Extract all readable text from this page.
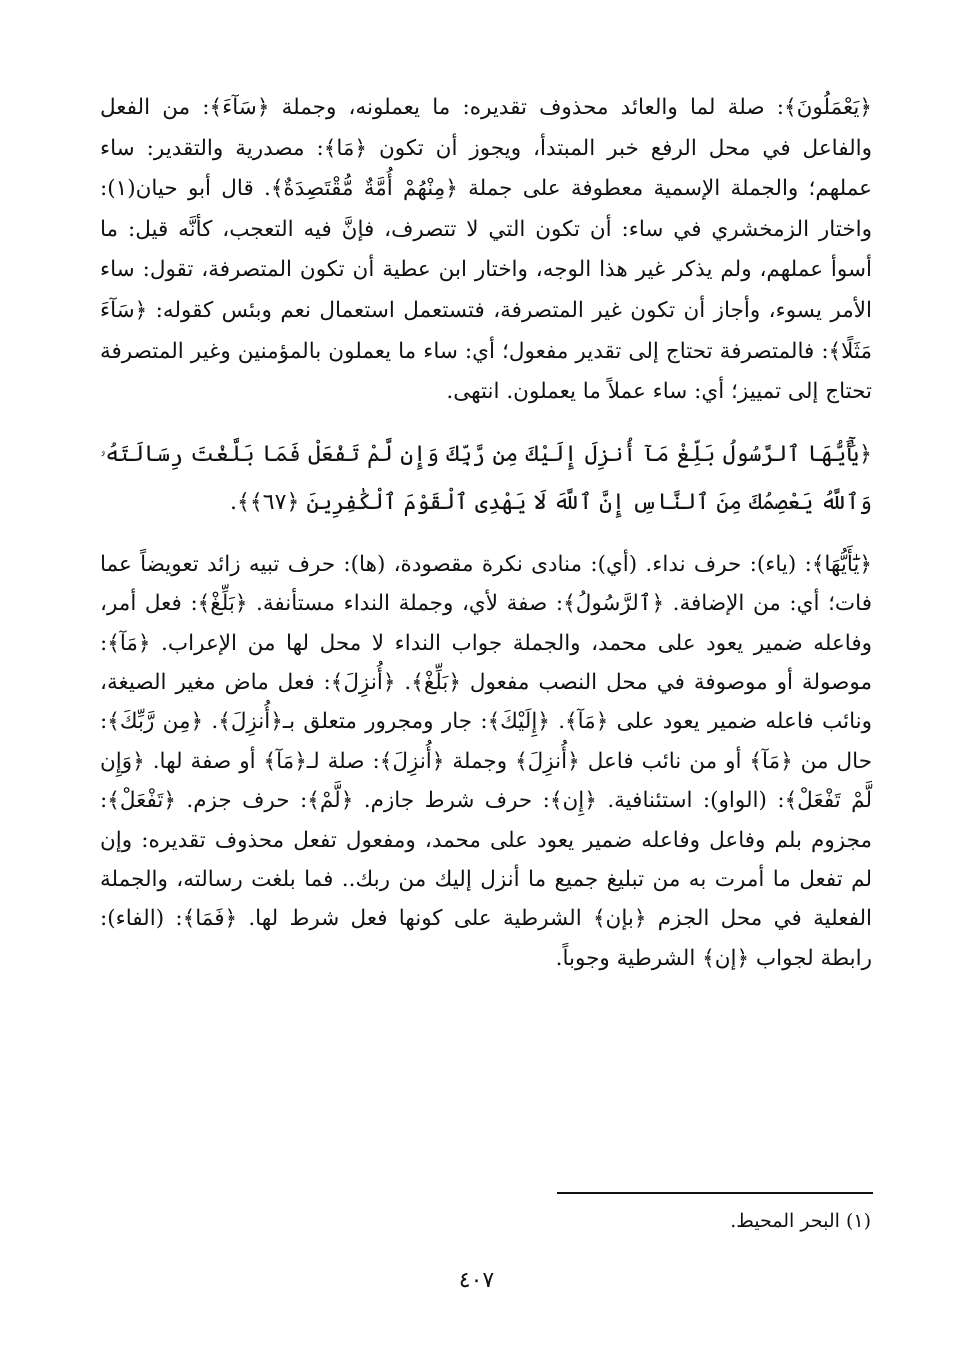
﴿يَعْمَلُونَ﴾: صلة لما والعائد محذوف تقديره: ما يعملونه، وجملة ﴿سَآءَ﴾: من الفعل والفاعل في محل الرفع خبر المبتدأ، ويجوز أن تكون ﴿مَا﴾: مصدرية والتقدير: ساء عملهم؛ والجملة الإسمية معطوفة على جملة ﴿مِنْهُمْ أُمَّةٌ مُّقْتَصِدَةٌ﴾. قال أبو حيان(١): واختار الزمخشري في ساء: أن تكون التي لا تتصرف، فإنَّ فيه التعجب، كأنَّه قيل: ما أسوأ عملهم، ولم يذكر غير هذا الوجه، واختار ابن عطية أن تكون المتصرفة، تقول: ساء الأمر يسوء، وأجاز أن تكون غير المتصرفة، فتستعمل استعمال نعم وبئس كقوله: ﴿سَآءَ مَثَلًا﴾: فالمتصرفة تحتاج إلى تقدير مفعول؛ أي: ساء ما يعملون بالمؤمنين وغير المتصرفة تحتاج إلى تمييز؛ أي: ساء عملاً ما يعملون. انتهى.

﴿يَٰٓأَيُّهَا ٱلرَّسُولُ بَلِّغْ مَآ أُنزِلَ إِلَيْكَ مِن رَّبِّكَ وَإِن لَّمْ تَفْعَلْ فَمَا بَلَّغْتَ رِسَالَتَهُۥ وَٱللَّهُ يَعْصِمُكَ مِنَ ٱلنَّاسِ إِنَّ ٱللَّهَ لَا يَهْدِى ٱلْقَوْمَ ٱلْكَٰفِرِينَ ﴿٦٧﴾﴾.

﴿يَٰٓأَيُّهَا﴾: (ياء): حرف نداء. (أي): منادى نكرة مقصودة، (ها): حرف تبيه زائد تعويضاً عما فات؛ أي: من الإضافة. ﴿ٱلرَّسُولُ﴾: صفة لأي، وجملة النداء مستأنفة. ﴿بَلِّغْ﴾: فعل أمر، وفاعله ضمير يعود على محمد، والجملة جواب النداء لا محل لها من الإعراب. ﴿مَآ﴾: موصولة أو موصوفة في محل النصب مفعول ﴿بَلِّغْ﴾. ﴿أُنزِلَ﴾: فعل ماض مغير الصيغة، ونائب فاعله ضمير يعود على ﴿مَآ﴾. ﴿إِلَيْكَ﴾: جار ومجرور متعلق بـ﴿أُنزِلَ﴾. ﴿مِن رَّبِّكَ﴾: حال من ﴿مَآ﴾ أو من نائب فاعل ﴿أُنزِلَ﴾ وجملة ﴿أُنزِلَ﴾: صلة لـ﴿مَآ﴾ أو صفة لها. ﴿وَإِن لَّمْ تَفْعَلْ﴾: (الواو): استئنافية. ﴿إِن﴾: حرف شرط جازم. ﴿لَّمْ﴾: حرف جزم. ﴿تَفْعَلْ﴾: مجزوم بلم وفاعل وفاعله ضمير يعود على محمد، ومفعول تفعل محذوف تقديره: وإن لم تفعل ما أمرت به من تبليغ جميع ما أنزل إليك من ربك.. فما بلغت رسالته، والجملة الفعلية في محل الجزم ﴿بإن﴾ الشرطية على كونها فعل شرط لها. ﴿فَمَا﴾: (الفاء): رابطة لجواب ﴿إن﴾ الشرطية وجوباً.

(١) البحر المحيط.
٤٠٧
